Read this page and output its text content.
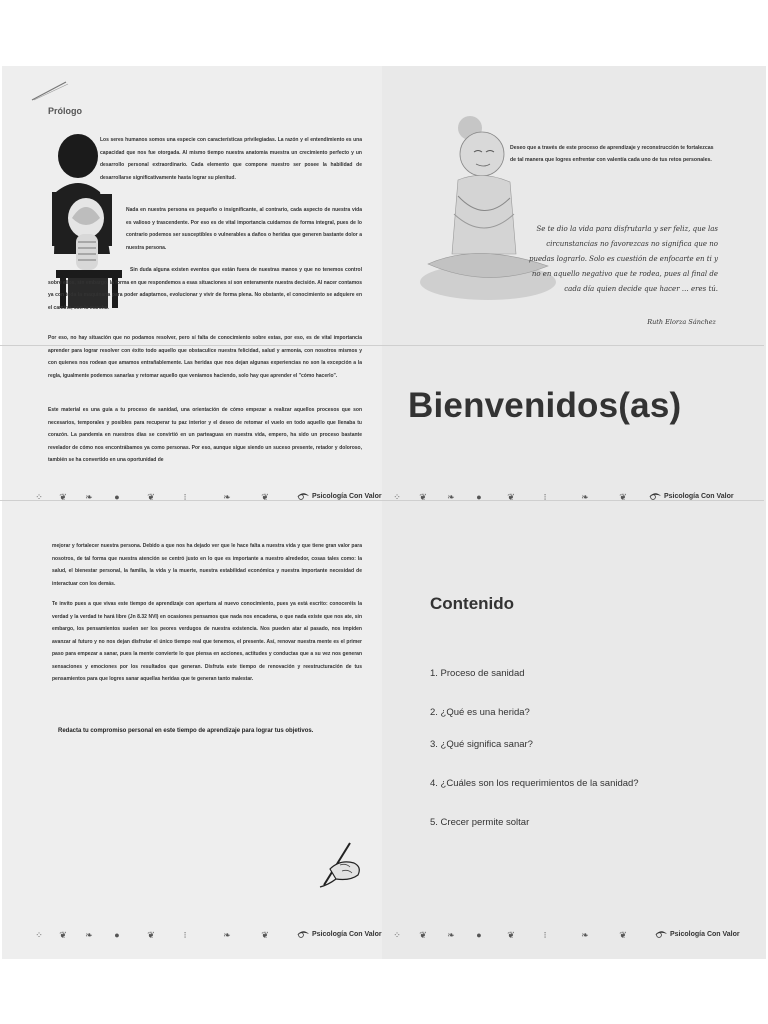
Prólogo

Los seres humanos somos una especie con características privilegiadas. La razón y el entendimiento es una capacidad que nos fue otorgada. Al mismo tiempo nuestra anatomía muestra un crecimiento perfecto y un desarrollo personal extraordinario. Cada elemento que compone nuestro ser posee la habilidad de desarrollarse significativamente hasta lograr su plenitud.

Nada en nuestra persona es pequeño o insignificante, al contrario, cada aspecto de nuestra vida es valioso y trascendente. Por eso es de vital importancia cuidarnos de forma integral, pues de lo contrario podemos ser susceptibles o vulnerables a daños o heridas que generen bastante dolor a nuestra persona.

Sin duda alguna existen eventos que están fuera de nuestras manos y que no tenemos control sobre ellos, sin embargo, la forma en que respondemos a esas situaciones sí son enteramente nuestra decisión. Al nacer contamos ya con toda la maquinaria para poder adaptarnos, evolucionar y vivir de forma plena. No obstante, el conocimiento se adquiere en el camino, con la marcha.

Por eso, no hay situación que no podamos resolver, pero sí falta de conocimiento sobre estas, por eso, es de vital importancia aprender para lograr resolver con éxito todo aquello que obstaculice nuestra felicidad, salud y armonía, con nosotros mismos y con quienes nos rodean que amamos entrañablemente. Las heridas que nos dejan algunas experiencias no son la excepción a la regla, igualmente podemos sanarlas y retomar aquello que veníamos haciendo, solo hay que aprender el "cómo hacerlo".

Este material es una guía a tu proceso de sanidad, una orientación de cómo empezar a realizar aquellos procesos que son necesarios, temporales y posibles para recuperar tu paz interior y el deseo de retomar el vuelo en todo aquello que llenaba tu corazón. La pandemia en nuestros días se convirtió en un parteaguas en nuestra vida, empero, ha sido un proceso bastante revelador de cómo nos encontrábamos ya como personas. Por eso, aunque sigue siendo un suceso presente, retador y doloroso, también se ha convertido en una oportunidad de

Deseo que a través de este proceso de aprendizaje y reconstrucción te fortalezcas de tal manera que logres enfrentar con valentía cada uno de tus retos personales.
Se te dio la vida para disfrutarla y ser feliz, que las circunstancias no favorezcas no significa que no puedas lograrlo. Solo es cuestión de enfocarte en ti y no en aquello negativo que te rodea, pues al final de cada día quien decide que hacer … eres tú.
Ruth Elorza Sánchez
Bienvenidos(as)
⁘ ❦ ❧ ●	❦	⁝	❧	❦	Psicología Con Valor ⁘ ❦ ❧ ●	❦	⁝	❧	❦	Psicología Con Valor

mejorar y fortalecer nuestra persona. Debido a que nos ha dejado ver que le hace falta a nuestra vida y que tiene gran valor para nosotros, de tal forma que nuestra atención se centró justo en lo que es importante a nuestro alrededor, cosas tales como: la salud, el bienestar personal, la familia, la vida y la muerte, nuestra estabilidad económica y nuestra importante necesidad de interactuar con los demás.

Te invito pues a que vivas este tiempo de aprendizaje con apertura al nuevo conocimiento, pues ya está escrito: conoceréis la verdad y la verdad te hará libre (Jn 8.32 NVI) en ocasiones pensamos que nada nos encadena, o que nada existe que nos ate, sin embargo, los pensamientos suelen ser los peores verdugos de nuestra existencia. Nos pueden atar al pasado, nos impiden avanzar al futuro y no nos dejan disfrutar el único tiempo real que tenemos, el presente. Así, renovar nuestra mente es el primer paso para empezar a sanar, pues la mente convierte lo que piensa en acciones, actitudes y conductas que a su vez nos generan sensaciones y emociones por los resultados que generan. Disfruta este tiempo de renovación y reestructuración de tus pensamientos para que logres sanar aquellas heridas que te generan tanto malestar.

Redacta tu compromiso personal en este tiempo de aprendizaje para lograr tus objetivos.
Contenido
1. Proceso de sanidad
2. ¿Qué es una herida?
3. ¿Qué significa sanar?
4. ¿Cuáles son los requerimientos de la sanidad?
5. Crecer permite soltar
⁘ ❦ ❧ ●	❦	⁝	❧	❦	Psicología Con Valor ⁘ ❦ ❧ ●	❦	⁝	❧	❦	Psicología Con Valor
